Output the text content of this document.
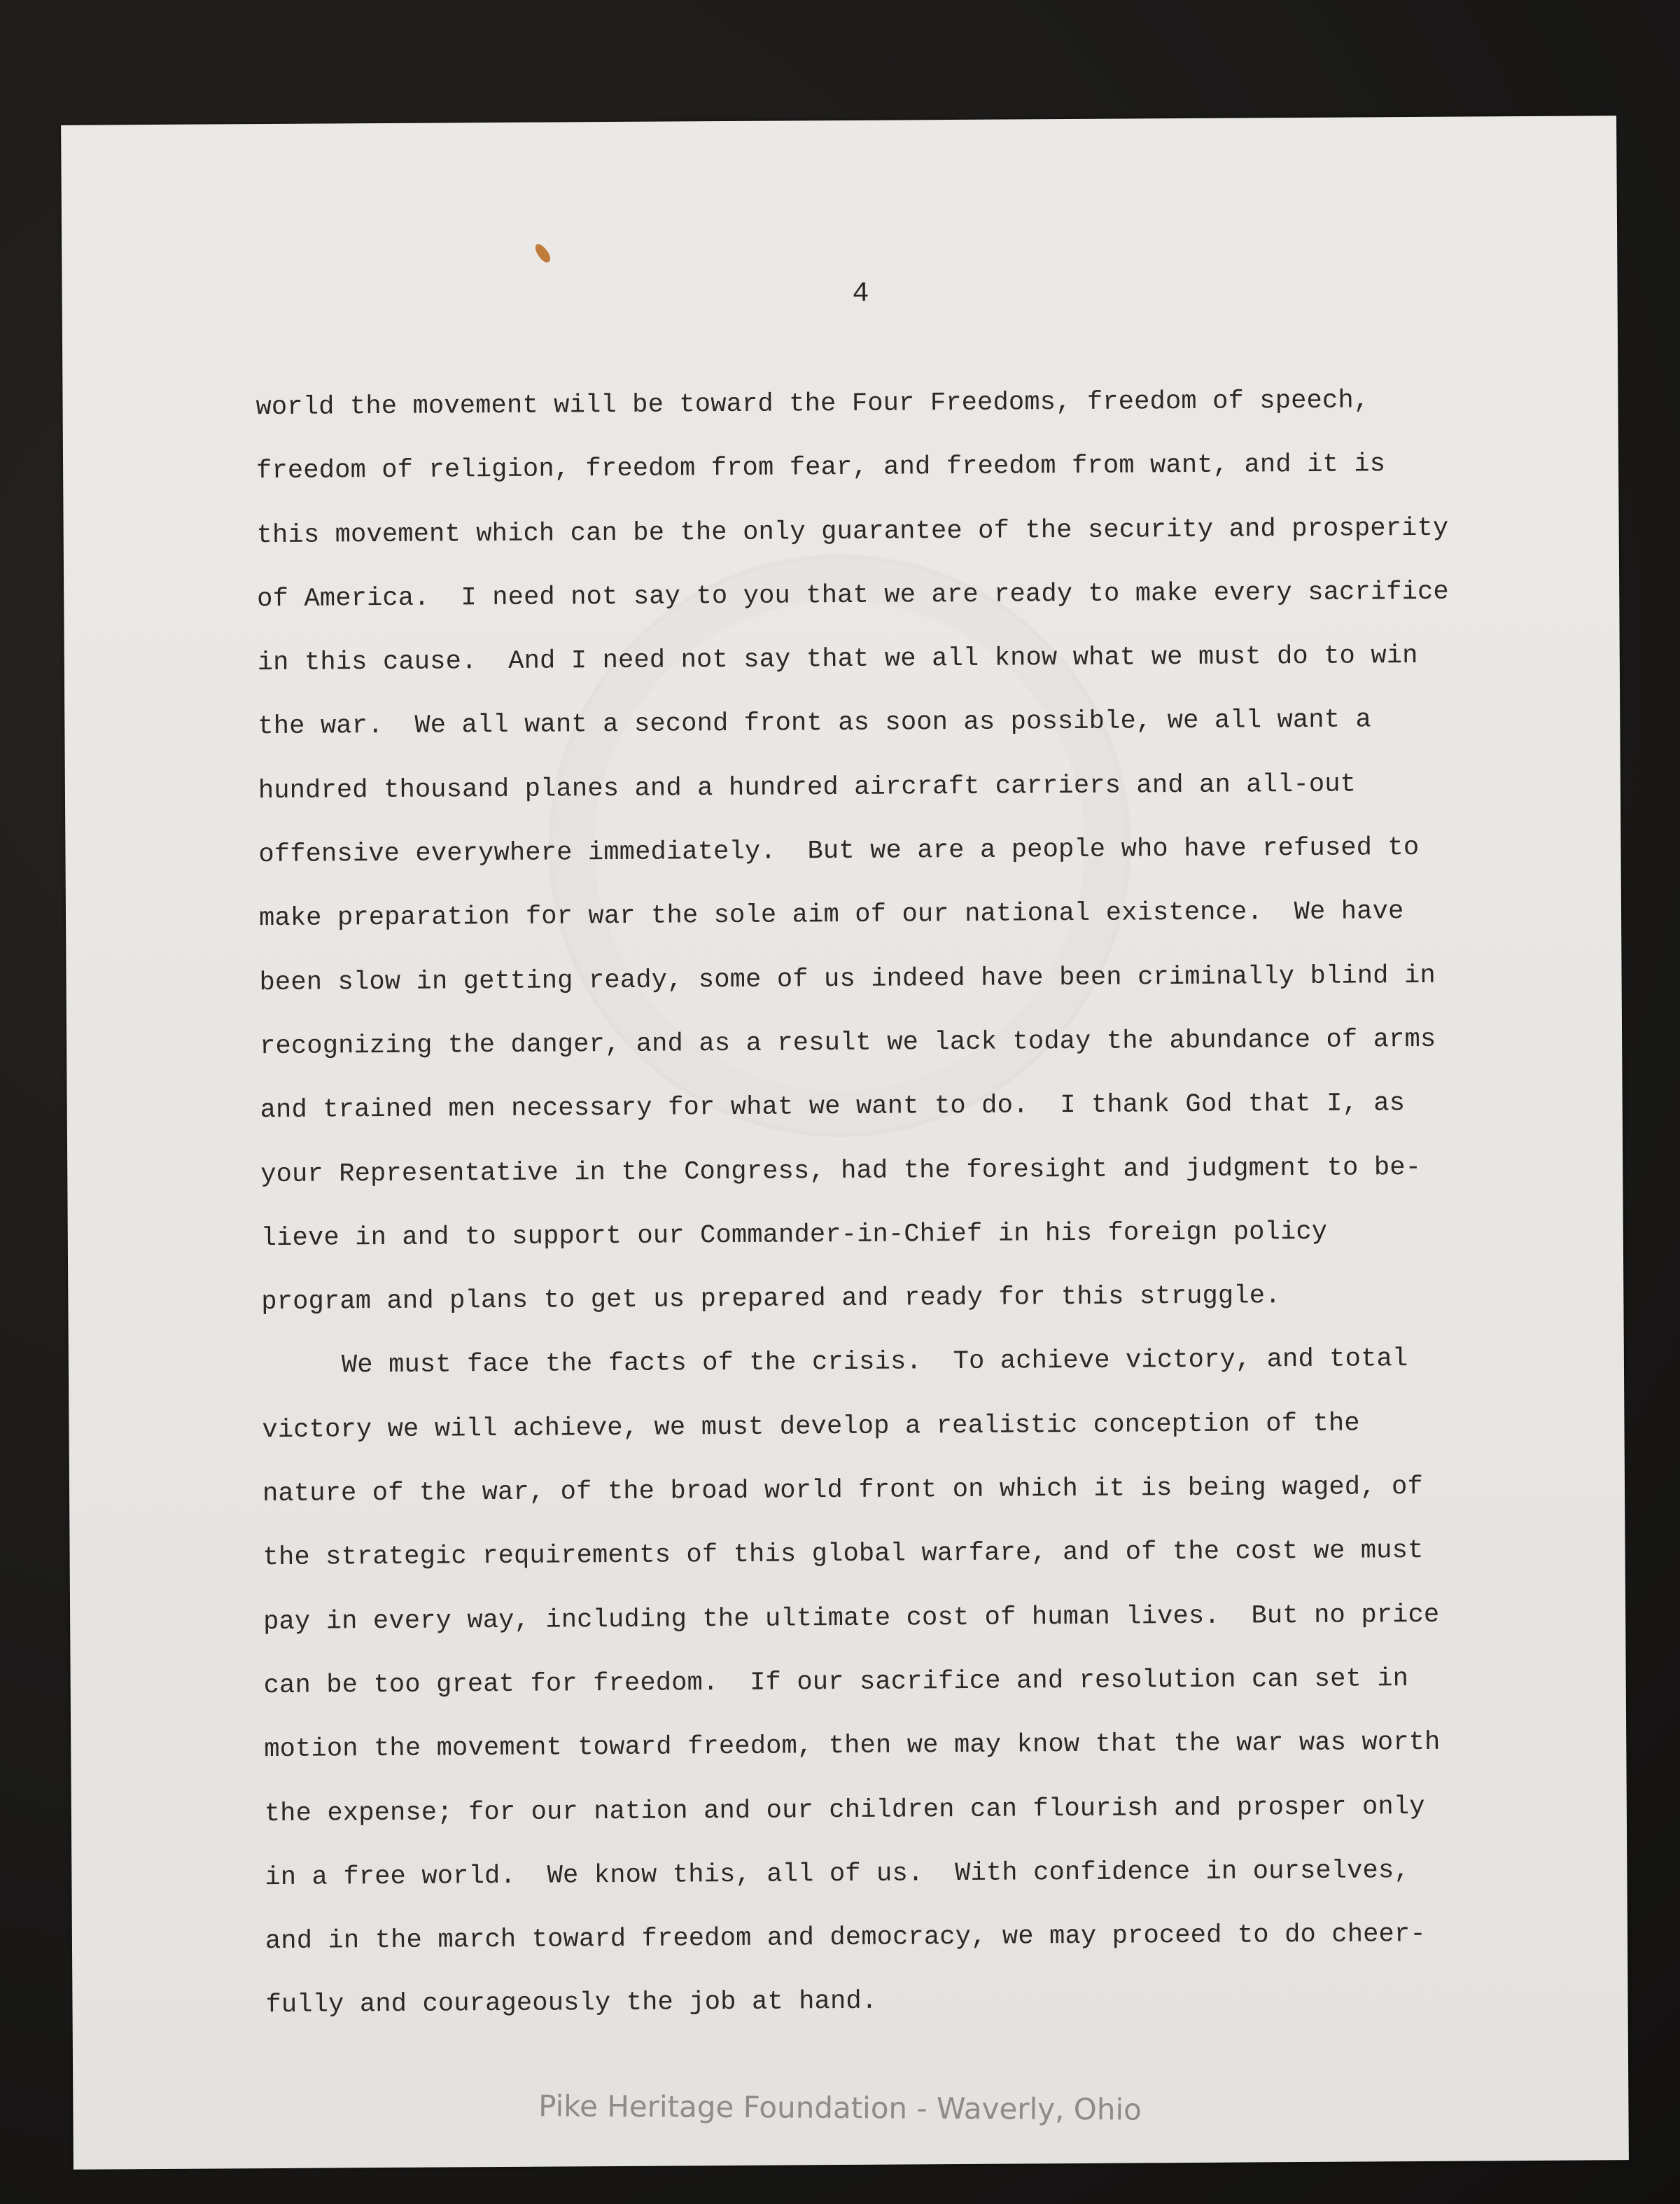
4
world the movement will be toward the Four Freedoms, freedom of speech,
freedom of religion, freedom from fear, and freedom from want, and it is
this movement which can be the only guarantee of the security and prosperity
of America.  I need not say to you that we are ready to make every sacrifice
in this cause.  And I need not say that we all know what we must do to win
the war.  We all want a second front as soon as possible, we all want a
hundred thousand planes and a hundred aircraft carriers and an all-out
offensive everywhere immediately.  But we are a people who have refused to
make preparation for war the sole aim of our national existence.  We have
been slow in getting ready, some of us indeed have been criminally blind in
recognizing the danger, and as a result we lack today the abundance of arms
and trained men necessary for what we want to do.  I thank God that I, as
your Representative in the Congress, had the foresight and judgment to be-
lieve in and to support our Commander-in-Chief in his foreign policy
program and plans to get us prepared and ready for this struggle.
We must face the facts of the crisis.  To achieve victory, and total
victory we will achieve, we must develop a realistic conception of the
nature of the war, of the broad world front on which it is being waged, of
the strategic requirements of this global warfare, and of the cost we must
pay in every way, including the ultimate cost of human lives.  But no price
can be too great for freedom.  If our sacrifice and resolution can set in
motion the movement toward freedom, then we may know that the war was worth
the expense; for our nation and our children can flourish and prosper only
in a free world.  We know this, all of us.  With confidence in ourselves,
and in the march toward freedom and democracy, we may proceed to do cheer-
fully and courageously the job at hand.
Pike Heritage Foundation - Waverly, Ohio
